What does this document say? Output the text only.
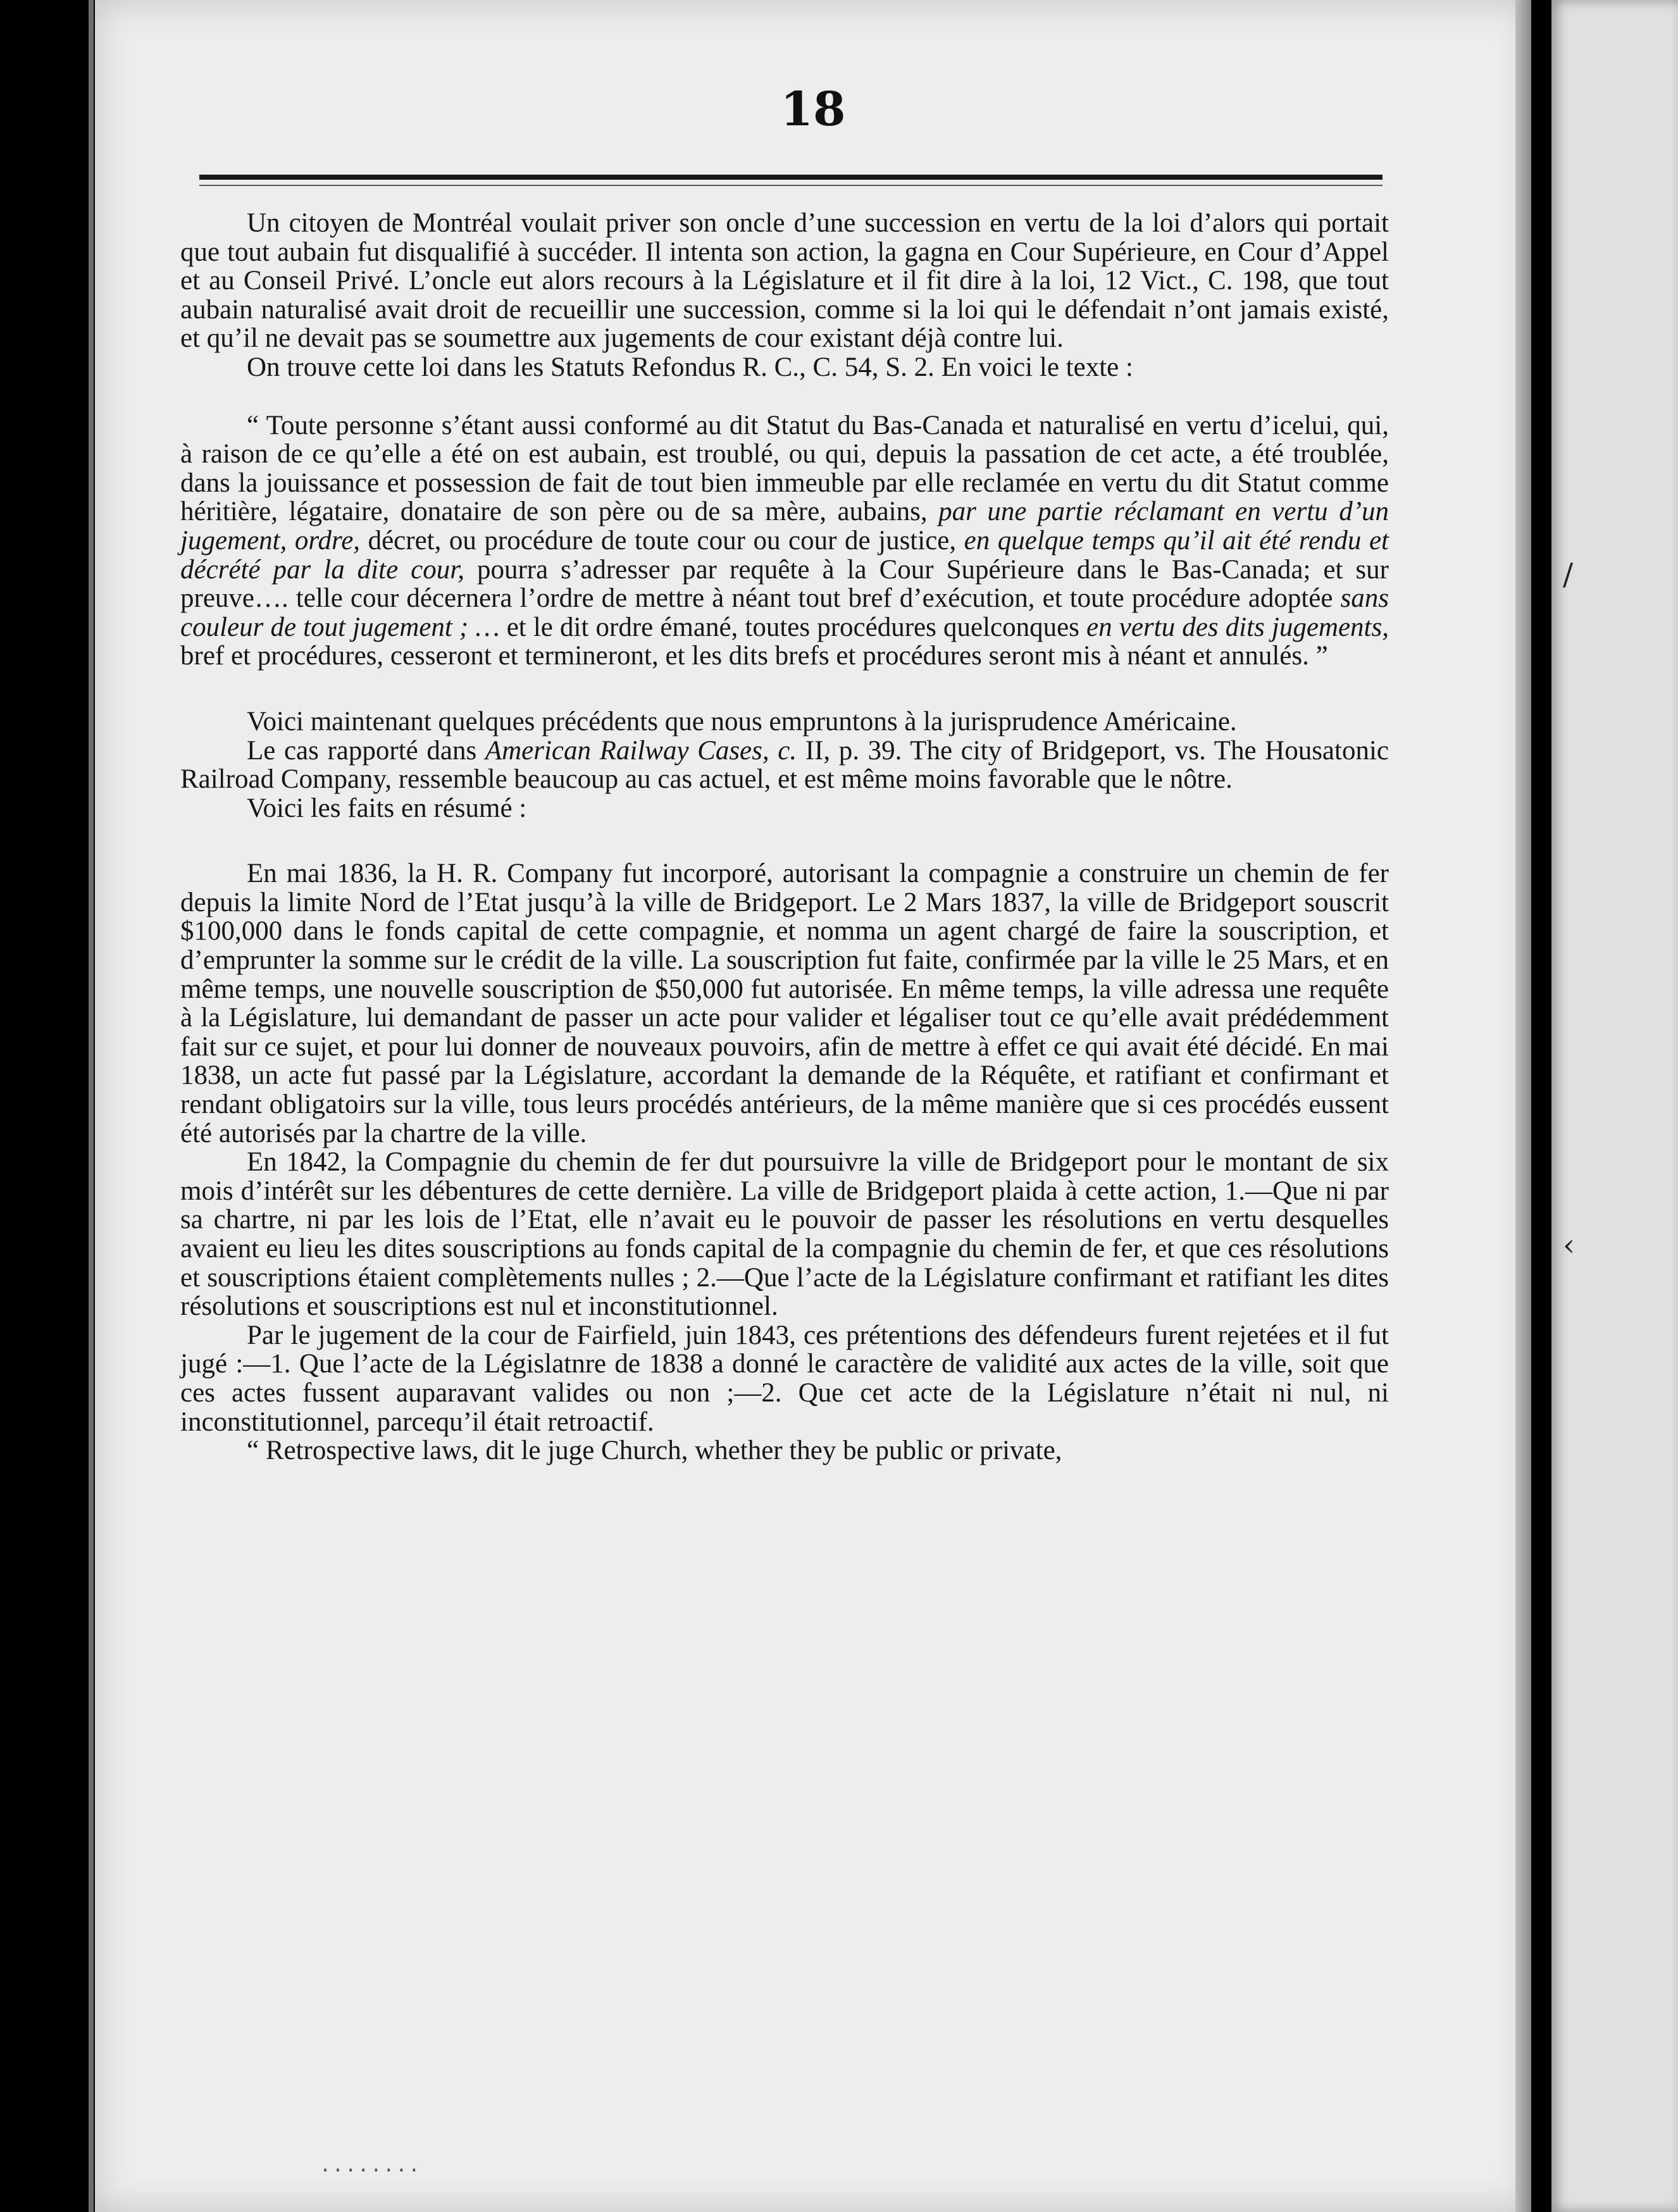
18

Un citoyen de Montréal voulait priver son oncle d’une succession en vertu de la loi d’alors qui portait que tout aubain fut disqualifié à succéder. Il intenta son action, la gagna en Cour Supérieure, en Cour d’Appel et au Conseil Privé. L’oncle eut alors recours à la Législature et il fit dire à la loi, 12 Vict., C. 198, que tout aubain naturalisé avait droit de recueillir une succession, comme si la loi qui le défendait n’ont jamais existé, et qu’il ne devait pas se soumettre aux jugements de cour existant déjà contre lui.

On trouve cette loi dans les Statuts Refondus R. C., C. 54, S. 2. En voici le texte :

“ Toute personne s’étant aussi conformé au dit Statut du Bas-Canada et naturalisé en vertu d’icelui, qui, à raison de ce qu’elle a été on est aubain, est troublé, ou qui, depuis la passation de cet acte, a été troublée, dans la jouissance et possession de fait de tout bien immeuble par elle reclamée en vertu du dit Statut comme héritière, légataire, donataire de son père ou de sa mère, aubains, par une partie réclamant en vertu d’un jugement, ordre, décret, ou procédure de toute cour ou cour de justice, en quelque temps qu’il ait été rendu et décrété par la dite cour, pourra s’adresser par requête à la Cour Supérieure dans le Bas-Canada; et sur preuve…. telle cour décernera l’ordre de mettre à néant tout bref d’exécution, et toute procédure adoptée sans couleur de tout jugement ; … et le dit ordre émané, toutes procédures quelconques en vertu des dits jugements, bref et procédures, cesseront et termineront, et les dits brefs et procédures seront mis à néant et annulés. ”

Voici maintenant quelques précédents que nous empruntons à la jurisprudence Américaine.

Le cas rapporté dans American Railway Cases, c. II, p. 39. The city of Bridgeport, vs. The Housatonic Railroad Company, ressemble beaucoup au cas actuel, et est même moins favorable que le nôtre.

Voici les faits en résumé :

En mai 1836, la H. R. Company fut incorporé, autorisant la compagnie a construire un chemin de fer depuis la limite Nord de l’Etat jusqu’à la ville de Bridgeport. Le 2 Mars 1837, la ville de Bridgeport souscrit $100,000 dans le fonds capital de cette compagnie, et nomma un agent chargé de faire la souscription, et d’emprunter la somme sur le crédit de la ville. La souscription fut faite, confirmée par la ville le 25 Mars, et en même temps, une nouvelle souscription de $50,000 fut autorisée. En même temps, la ville adressa une requête à la Législature, lui demandant de passer un acte pour valider et légaliser tout ce qu’elle avait prédédemment fait sur ce sujet, et pour lui donner de nouveaux pouvoirs, afin de mettre à effet ce qui avait été décidé. En mai 1838, un acte fut passé par la Législature, accordant la demande de la Réquête, et ratifiant et confirmant et rendant obligatoirs sur la ville, tous leurs procédés antérieurs, de la même manière que si ces procédés eussent été autorisés par la chartre de la ville.

En 1842, la Compagnie du chemin de fer dut poursuivre la ville de Bridgeport pour le montant de six mois d’intérêt sur les débentures de cette dernière. La ville de Bridgeport plaida à cette action, 1.—Que ni par sa chartre, ni par les lois de l’Etat, elle n’avait eu le pouvoir de passer les résolutions en vertu desquelles avaient eu lieu les dites souscriptions au fonds capital de la compagnie du chemin de fer, et que ces résolutions et souscriptions étaient complètements nulles ; 2.—Que l’acte de la Législature confirmant et ratifiant les dites résolutions et souscriptions est nul et inconstitutionnel.

Par le jugement de la cour de Fairfield, juin 1843, ces prétentions des défendeurs furent rejetées et il fut jugé :—1. Que l’acte de la Législatnre de 1838 a donné le caractère de validité aux actes de la ville, soit que ces actes fussent auparavant valides ou non ;—2. Que cet acte de la Législature n’était ni nul, ni inconstitutionnel, parcequ’il était retroactif.

“ Retrospective laws, dit le juge Church, whether they be public or private,

........
/
‹
